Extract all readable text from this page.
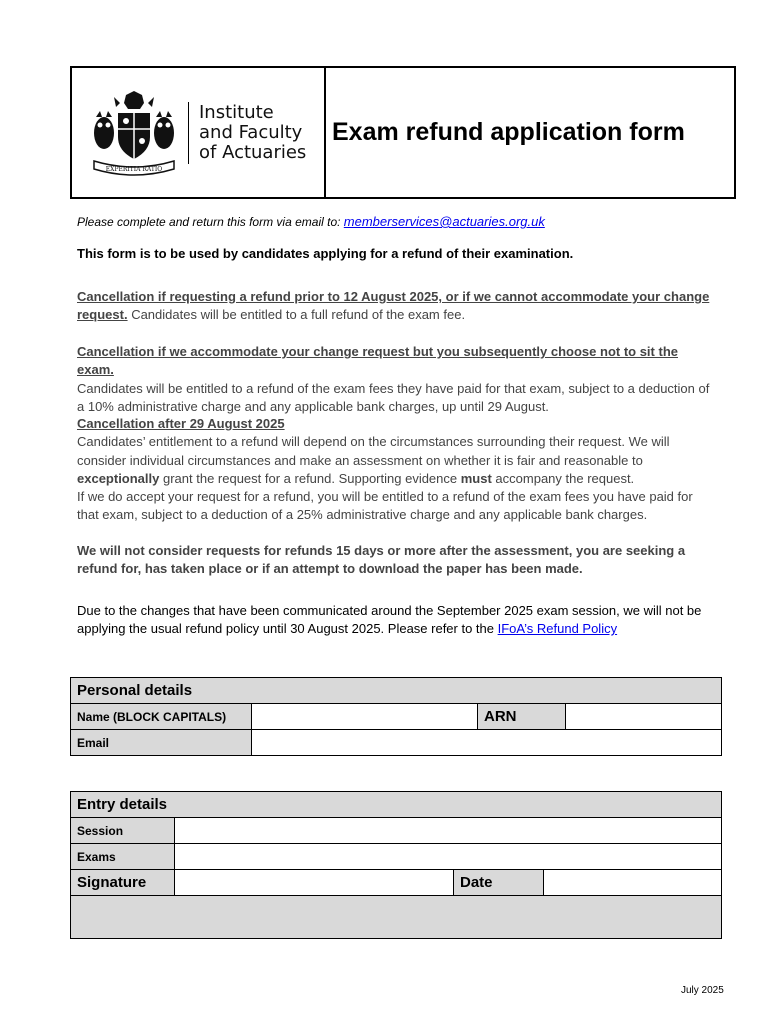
EXPERITIA RATIO
Institute
and Faculty
of Actuaries
Exam refund application form
Please complete and return this form via email to: memberservices@actuaries.org.uk
This form is to be used by candidates applying for a refund of their examination.
Cancellation if requesting a refund prior to 12 August 2025, or if we cannot accommodate your change request. Candidates will be entitled to a full refund of the exam fee.
Cancellation if we accommodate your change request but you subsequently choose not to sit the exam.
Candidates will be entitled to a refund of the exam fees they have paid for that exam, subject to a deduction of a 10% administrative charge and any applicable bank charges, up until 29 August.
Cancellation after 29 August 2025
Candidates’ entitlement to a refund will depend on the circumstances surrounding their request. We will consider individual circumstances and make an assessment on whether it is fair and reasonable to exceptionally grant the request for a refund. Supporting evidence must accompany the request.
If we do accept your request for a refund, you will be entitled to a refund of the exam fees you have paid for that exam, subject to a deduction of a 25% administrative charge and any applicable bank charges.
We will not consider requests for refunds 15 days or more after the assessment, you are seeking a refund for, has taken place or if an attempt to download the paper has been made.
Due to the changes that have been communicated around the September 2025 exam session, we will not be applying the usual refund policy until 30 August 2025. Please refer to the IFoA’s Refund Policy
Personal details			
Name (BLOCK CAPITALS)		ARN	
Email			
Entry details			
Session			
Exams			
Signature		Date	

July 2025
